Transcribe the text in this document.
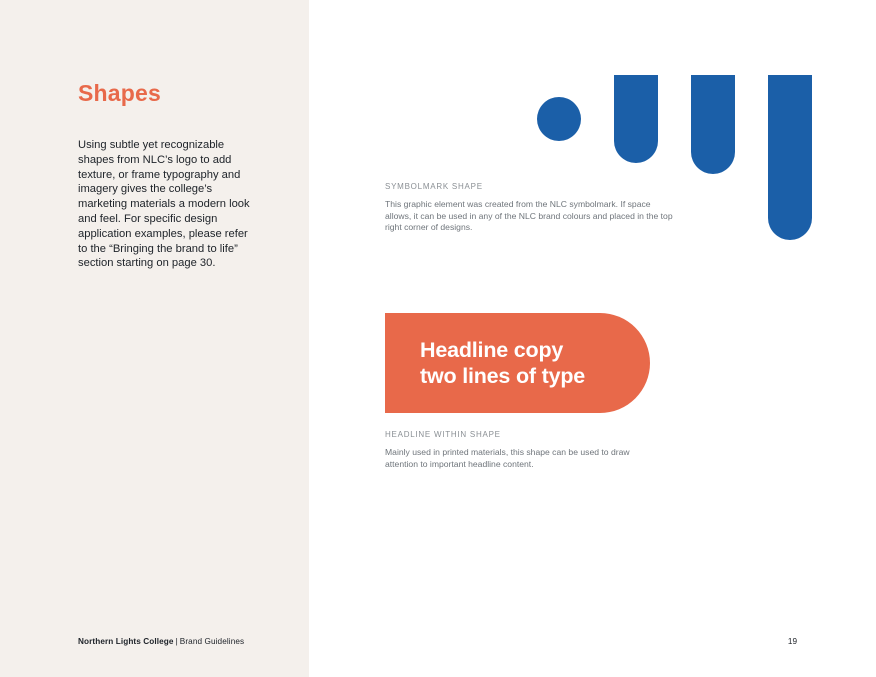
Shapes
Using subtle yet recognizable shapes from NLC’s logo to add texture, or frame typography and imagery gives the college’s marketing materials a modern look and feel. For specific design application examples, please refer to the “Bringing the brand to life” section starting on page 30.
Northern Lights College | Brand Guidelines
SYMBOLMARK SHAPE
This graphic element was created from the NLC symbolmark. If space allows, it can be used in any of the NLC brand colours and placed in the top right corner of designs.
Headline copy
two lines of type
HEADLINE WITHIN SHAPE
Mainly used in printed materials, this shape can be used to draw attention to important headline content.
19
